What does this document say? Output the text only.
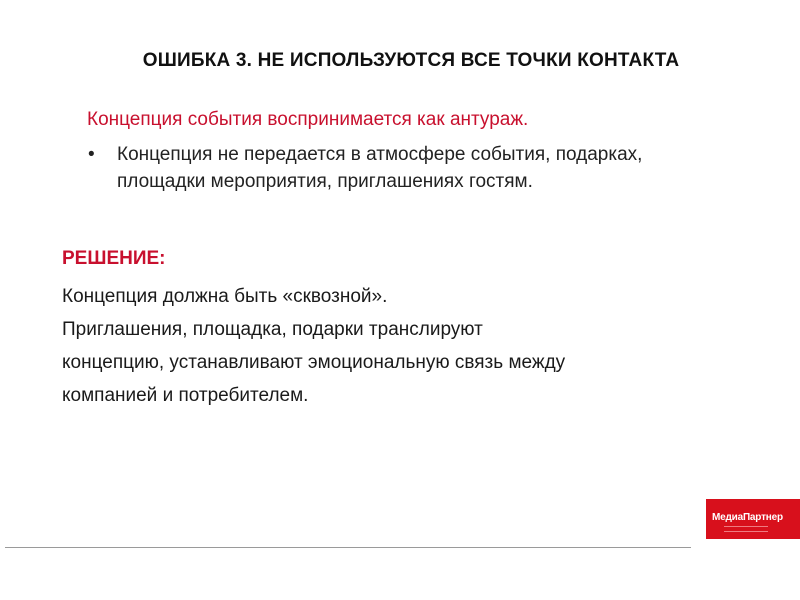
ОШИБКА 3. НЕ ИСПОЛЬЗУЮТСЯ ВСЕ ТОЧКИ КОНТАКТА
Концепция события воспринимается как антураж.
• Концепция не передается в атмосфере события, подарках, площадки мероприятия, приглашениях гостям.
РЕШЕНИЕ:
Концепция должна быть «сквозной».
Приглашения, площадка, подарки транслируют
концепцию, устанавливают эмоциональную связь между
компанией и потребителем.
МедиаПартнер
